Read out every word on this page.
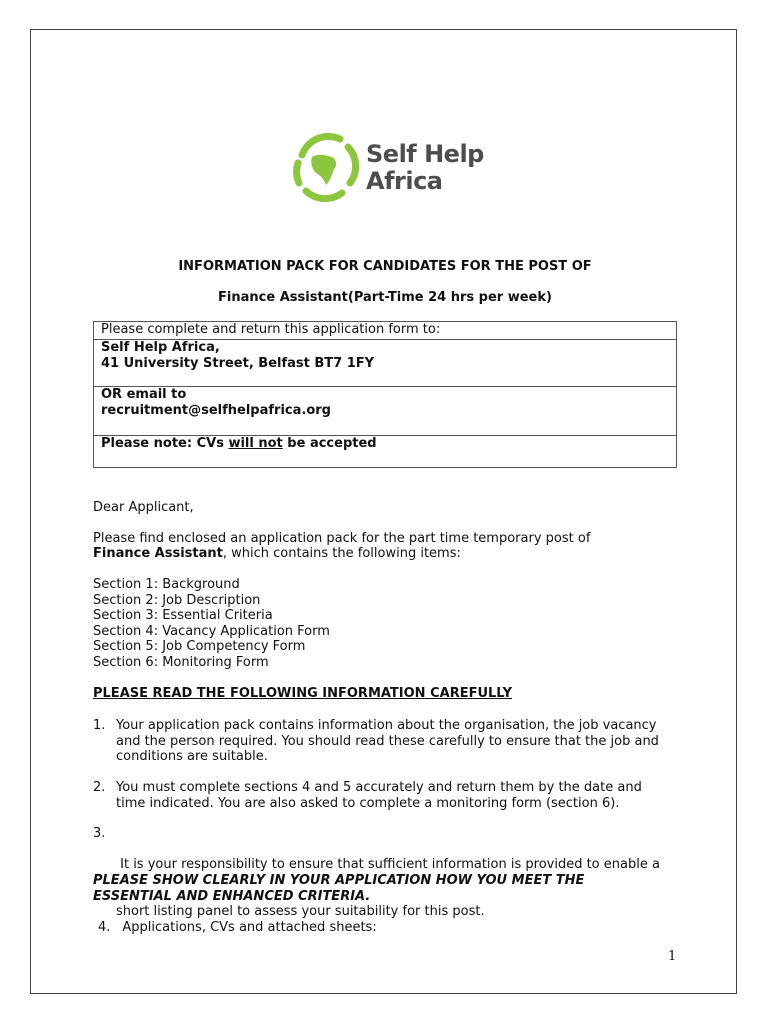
Self Help
Africa
INFORMATION PACK FOR CANDIDATES FOR THE POST OF
Finance Assistant(Part-Time 24 hrs per week)
Please complete and return this application form to:
Self Help Africa,
41 University Street, Belfast BT7 1FY
OR email to
recruitment@selfhelpafrica.org
Please note: CVs will not be accepted
Dear Applicant,
Please find enclosed an application pack for the part time temporary post of
Finance Assistant, which contains the following items:
Section 1: Background
Section 2: Job Description
Section 3: Essential Criteria
Section 4: Vacancy Application Form
Section 5: Job Competency Form
Section 6: Monitoring Form
PLEASE READ THE FOLLOWING INFORMATION CAREFULLY
1. Your application pack contains information about the organisation, the job vacancy
and the person required. You should read these carefully to ensure that the job and
conditions are suitable.
2. You must complete sections 4 and 5 accurately and return them by the date and
time indicated. You are also asked to complete a monitoring form (section 6).
3.

It is your responsibility to ensure that sufficient information is provided to enable a

short listing panel to assess your suitability for this post.

PLEASE SHOW CLEARLY IN YOUR APPLICATION HOW YOU MEET THE
ESSENTIAL AND ENHANCED CRITERIA.
4. Applications, CVs and attached sheets:
1
